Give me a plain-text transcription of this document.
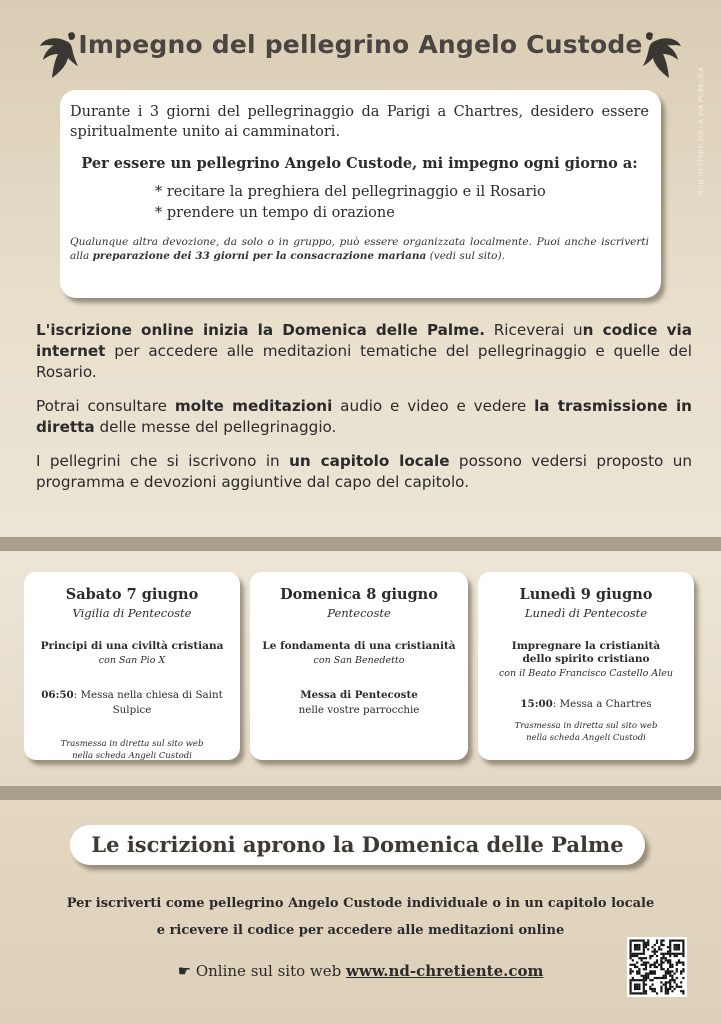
Impegno del pellegrino Angelo Custode
NON GETTARE SULLA VIA PUBBLICA

Durante i 3 giorni del pellegrinaggio da Parigi a Chartres, desidero essere spiritualmente unito ai camminatori.

Per essere un pellegrino Angelo Custode, mi impegno ogni giorno a:

* recitare la preghiera del pellegrinaggio e il Rosario
* prendere un tempo di orazione

Qualunque altra devozione, da solo o in gruppo, può essere organizzata localmente. Puoi anche iscriverti alla preparazione dei 33 giorni per la consacrazione mariana (vedi sul sito).

L'iscrizione online inizia la Domenica delle Palme. Riceverai un codice via internet per accedere alle meditazioni tematiche del pellegrinaggio e quelle del Rosario.

Potrai consultare molte meditazioni audio e video e vedere la trasmissione in diretta delle messe del pellegrinaggio.

I pellegrini che si iscrivono in un capitolo locale possono vedersi proposto un programma e devozioni aggiuntive dal capo del capitolo.

Sabato 7 giugno
Vigilia di Pentecoste
Principi di una civiltà cristiana
con San Pio X
06:50: Messa nella chiesa di Saint Sulpice
Trasmessa in diretta sul sito web
nella scheda Angeli Custodi
Domenica 8 giugno
Pentecoste
Le fondamenta di una cristianità
con San Benedetto
Messa di Pentecoste
nelle vostre parrocchie
Lunedì 9 giugno
Lunedì di Pentecoste
Impregnare la cristianità
dello spirito cristiano
con il Beato Francisco Castello Aleu
15:00: Messa a Chartres
Trasmessa in diretta sul sito web
nella scheda Angeli Custodi
Le iscrizioni aprono la Domenica delle Palme
Per iscriverti come pellegrino Angelo Custode individuale o in un capitolo locale
e ricevere il codice per accedere alle meditazioni online
☛ Online sul sito web www.nd-chretiente.com
